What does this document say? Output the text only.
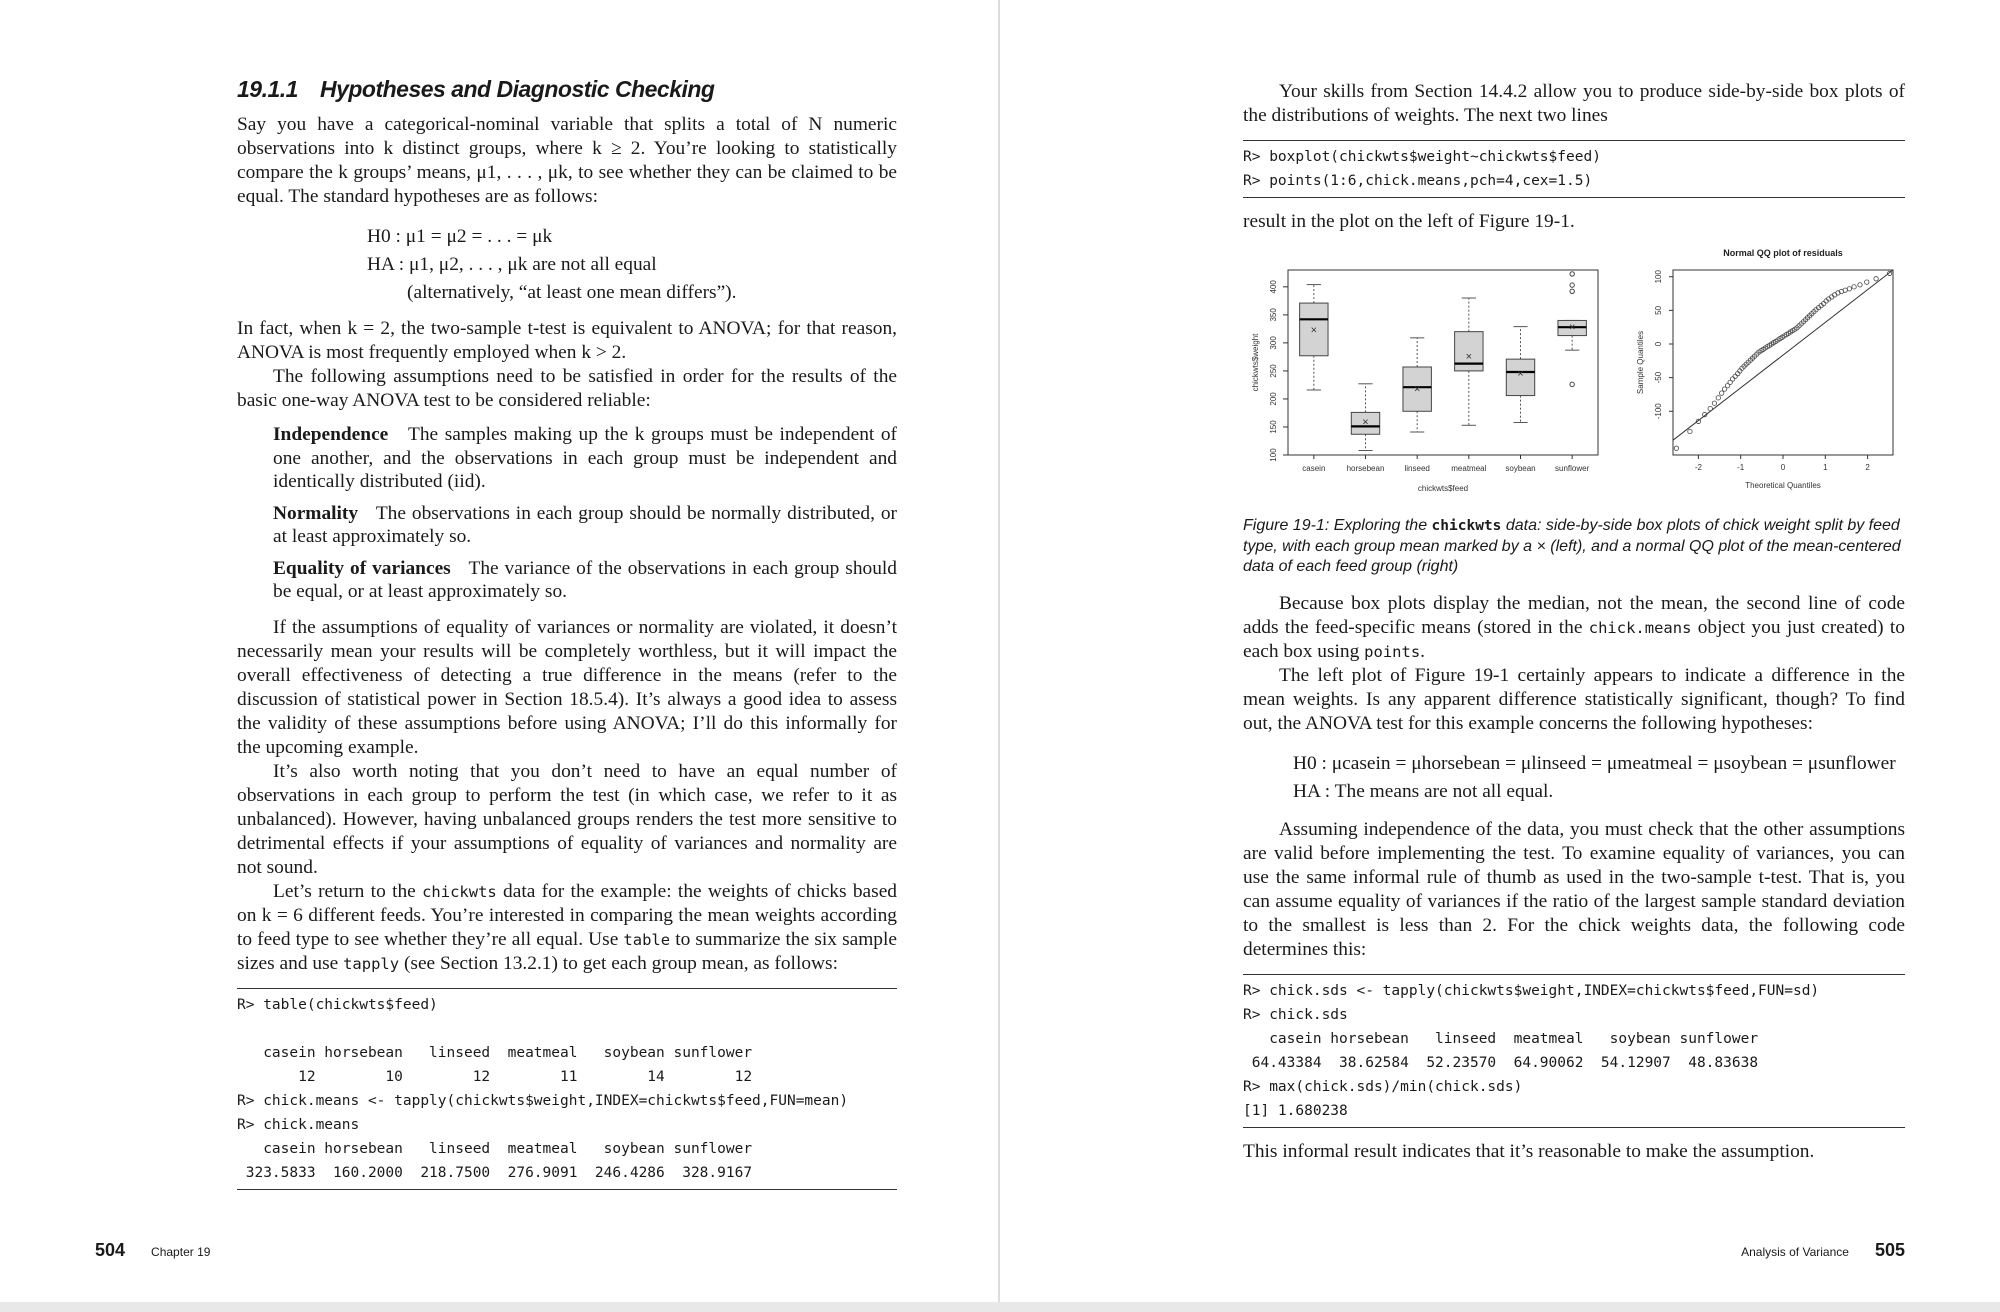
19.1.1 Hypotheses and Diagnostic Checking

Say you have a categorical-nominal variable that splits a total of N numeric observations into k distinct groups, where k ≥ 2. You’re looking to statistically compare the k groups’ means, μ1, . . . , μk, to see whether they can be claimed to be equal. The standard hypotheses are as follows:

H0 : μ1 = μ2 = . . . = μk
HA : μ1, μ2, . . . , μk are not all equal
(alternatively, “at least one mean differs”).

In fact, when k = 2, the two-sample t-test is equivalent to ANOVA; for that reason, ANOVA is most frequently employed when k > 2.

The following assumptions need to be satisfied in order for the results of the basic one-way ANOVA test to be considered reliable:

Independence The samples making up the k groups must be independent of one another, and the observations in each group must be independent and identically distributed (iid).

Normality The observations in each group should be normally distributed, or at least approximately so.

Equality of variances The variance of the observations in each group should be equal, or at least approximately so.

If the assumptions of equality of variances or normality are violated, it doesn’t necessarily mean your results will be completely worthless, but it will impact the overall effectiveness of detecting a true difference in the means (refer to the discussion of statistical power in Section 18.5.4). It’s always a good idea to assess the validity of these assumptions before using ANOVA; I’ll do this informally for the upcoming example.

It’s also worth noting that you don’t need to have an equal number of observations in each group to perform the test (in which case, we refer to it as unbalanced). However, having unbalanced groups renders the test more sensitive to detrimental effects if your assumptions of equality of variances and normality are not sound.

Let’s return to the chickwts data for the example: the weights of chicks based on k = 6 different feeds. You’re interested in comparing the mean weights according to feed type to see whether they’re all equal. Use table to summarize the six sample sizes and use tapply (see Section 13.2.1) to get each group mean, as follows:

R> table(chickwts$feed)

casein horsebean   linseed  meatmeal   soybean sunflower
12        10        12        11        14        12
R> chick.means <- tapply(chickwts$weight,INDEX=chickwts$feed,FUN=mean)
R> chick.means
casein horsebean   linseed  meatmeal   soybean sunflower
323.5833  160.2000  218.7500  276.9091  246.4286  328.9167
504 Chapter 19

Your skills from Section 14.4.2 allow you to produce side-by-side box plots of the distributions of weights. The next two lines

R> boxplot(chickwts$weight~chickwts$feed)
R> points(1:6,chick.means,pch=4,cex=1.5)

result in the plot on the left of Figure 19-1.

100
150
200
250
300
350
400
chickwts$weight
chickwts$feed
×
casein
×
horsebean
×
linseed
×
meatmeal
×
soybean
×
sunflower
Normal QQ plot of residuals
-2	-1	0	1	2
-100
-50
0
50
100
Theoretical Quantiles
Sample Quantiles

Figure 19-1: Exploring the chickwts data: side-by-side box plots of chick weight split by feed type, with each group mean marked by a × (left), and a normal QQ plot of the mean-centered data of each feed group (right)

Because box plots display the median, not the mean, the second line of code adds the feed-specific means (stored in the chick.means object you just created) to each box using points.

The left plot of Figure 19-1 certainly appears to indicate a difference in the mean weights. Is any apparent difference statistically significant, though? To find out, the ANOVA test for this example concerns the following hypotheses:

H0 : μcasein = μhorsebean = μlinseed = μmeatmeal = μsoybean = μsunflower
HA : The means are not all equal.

Assuming independence of the data, you must check that the other assumptions are valid before implementing the test. To examine equality of variances, you can use the same informal rule of thumb as used in the two-sample t-test. That is, you can assume equality of variances if the ratio of the largest sample standard deviation to the smallest is less than 2. For the chick weights data, the following code determines this:

R> chick.sds <- tapply(chickwts$weight,INDEX=chickwts$feed,FUN=sd)
R> chick.sds
casein horsebean   linseed  meatmeal   soybean sunflower
64.43384  38.62584  52.23570  64.90062  54.12907  48.83638
R> max(chick.sds)/min(chick.sds)
[1] 1.680238

This informal result indicates that it’s reasonable to make the assumption.

Analysis of Variance 505
